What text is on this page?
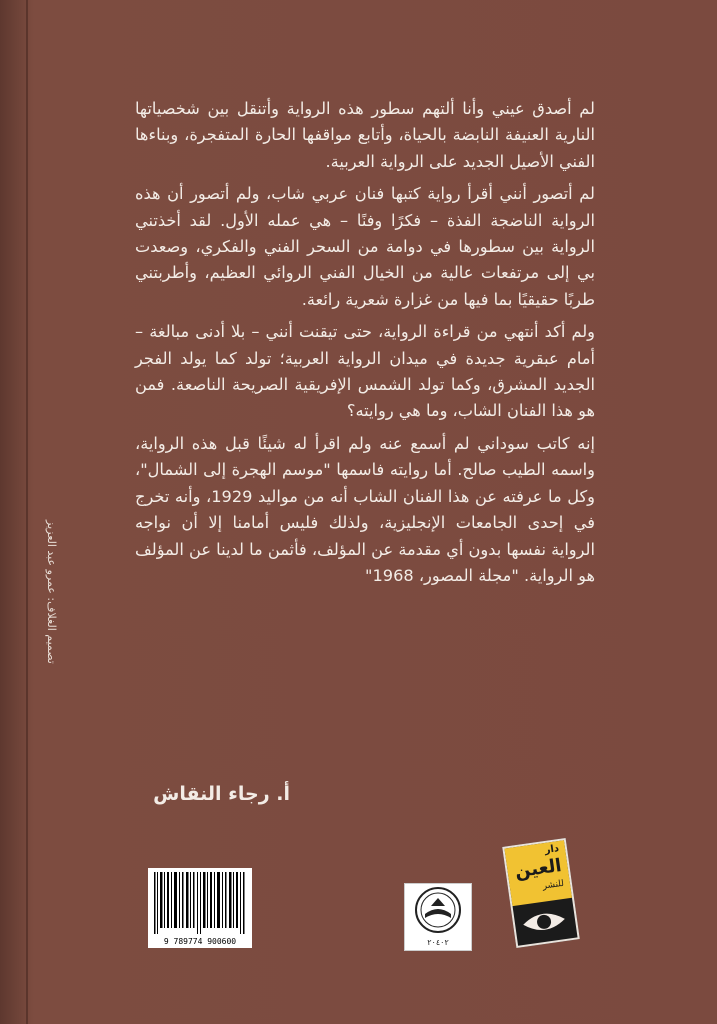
لم أصدق عيني وأنا ألتهم سطور هذه الرواية وأتنقل بين شخصياتها النارية العنيفة النابضة بالحياة، وأتابع مواقفها الحارة المتفجرة، وبناءها الفني الأصيل الجديد على الرواية العربية.

لم أتصور أنني أقرأ رواية كتبها فنان عربي شاب، ولم أتصور أن هذه الرواية الناضجة الفذة – فكرًا وفنًا – هي عمله الأول. لقد أخذتني الرواية بين سطورها في دوامة من السحر الفني والفكري، وصعدت بي إلى مرتفعات عالية من الخيال الفني الروائي العظيم، وأطربتني طربًا حقيقيًا بما فيها من غزارة شعرية رائعة.

ولم أكد أنتهي من قراءة الرواية، حتى تيقنت أنني – بلا أدنى مبالغة – أمام عبقرية جديدة في ميدان الرواية العربية؛ تولد كما يولد الفجر الجديد المشرق، وكما تولد الشمس الإفريقية الصريحة الناصعة. فمن هو هذا الفنان الشاب، وما هي روايته؟

إنه كاتب سوداني لم أسمع عنه ولم اقرأ له شيئًا قبل هذه الرواية، واسمه الطيب صالح. أما روايته فاسمها "موسم الهجرة إلى الشمال"، وكل ما عرفته عن هذا الفنان الشاب أنه من مواليد 1929، وأنه تخرج في إحدى الجامعات الإنجليزية، ولذلك فليس أمامنا إلا أن نواجه الرواية نفسها بدون أي مقدمة عن المؤلف، فأثمن ما لدينا عن المؤلف هو الرواية. "مجلة المصور، 1968"

أ. رجاء النقاش
تصميم الغلاف: عمرو عبد العزيز
9 789774 900600	٢٠٤٠٢
دار
العين
للنشر
